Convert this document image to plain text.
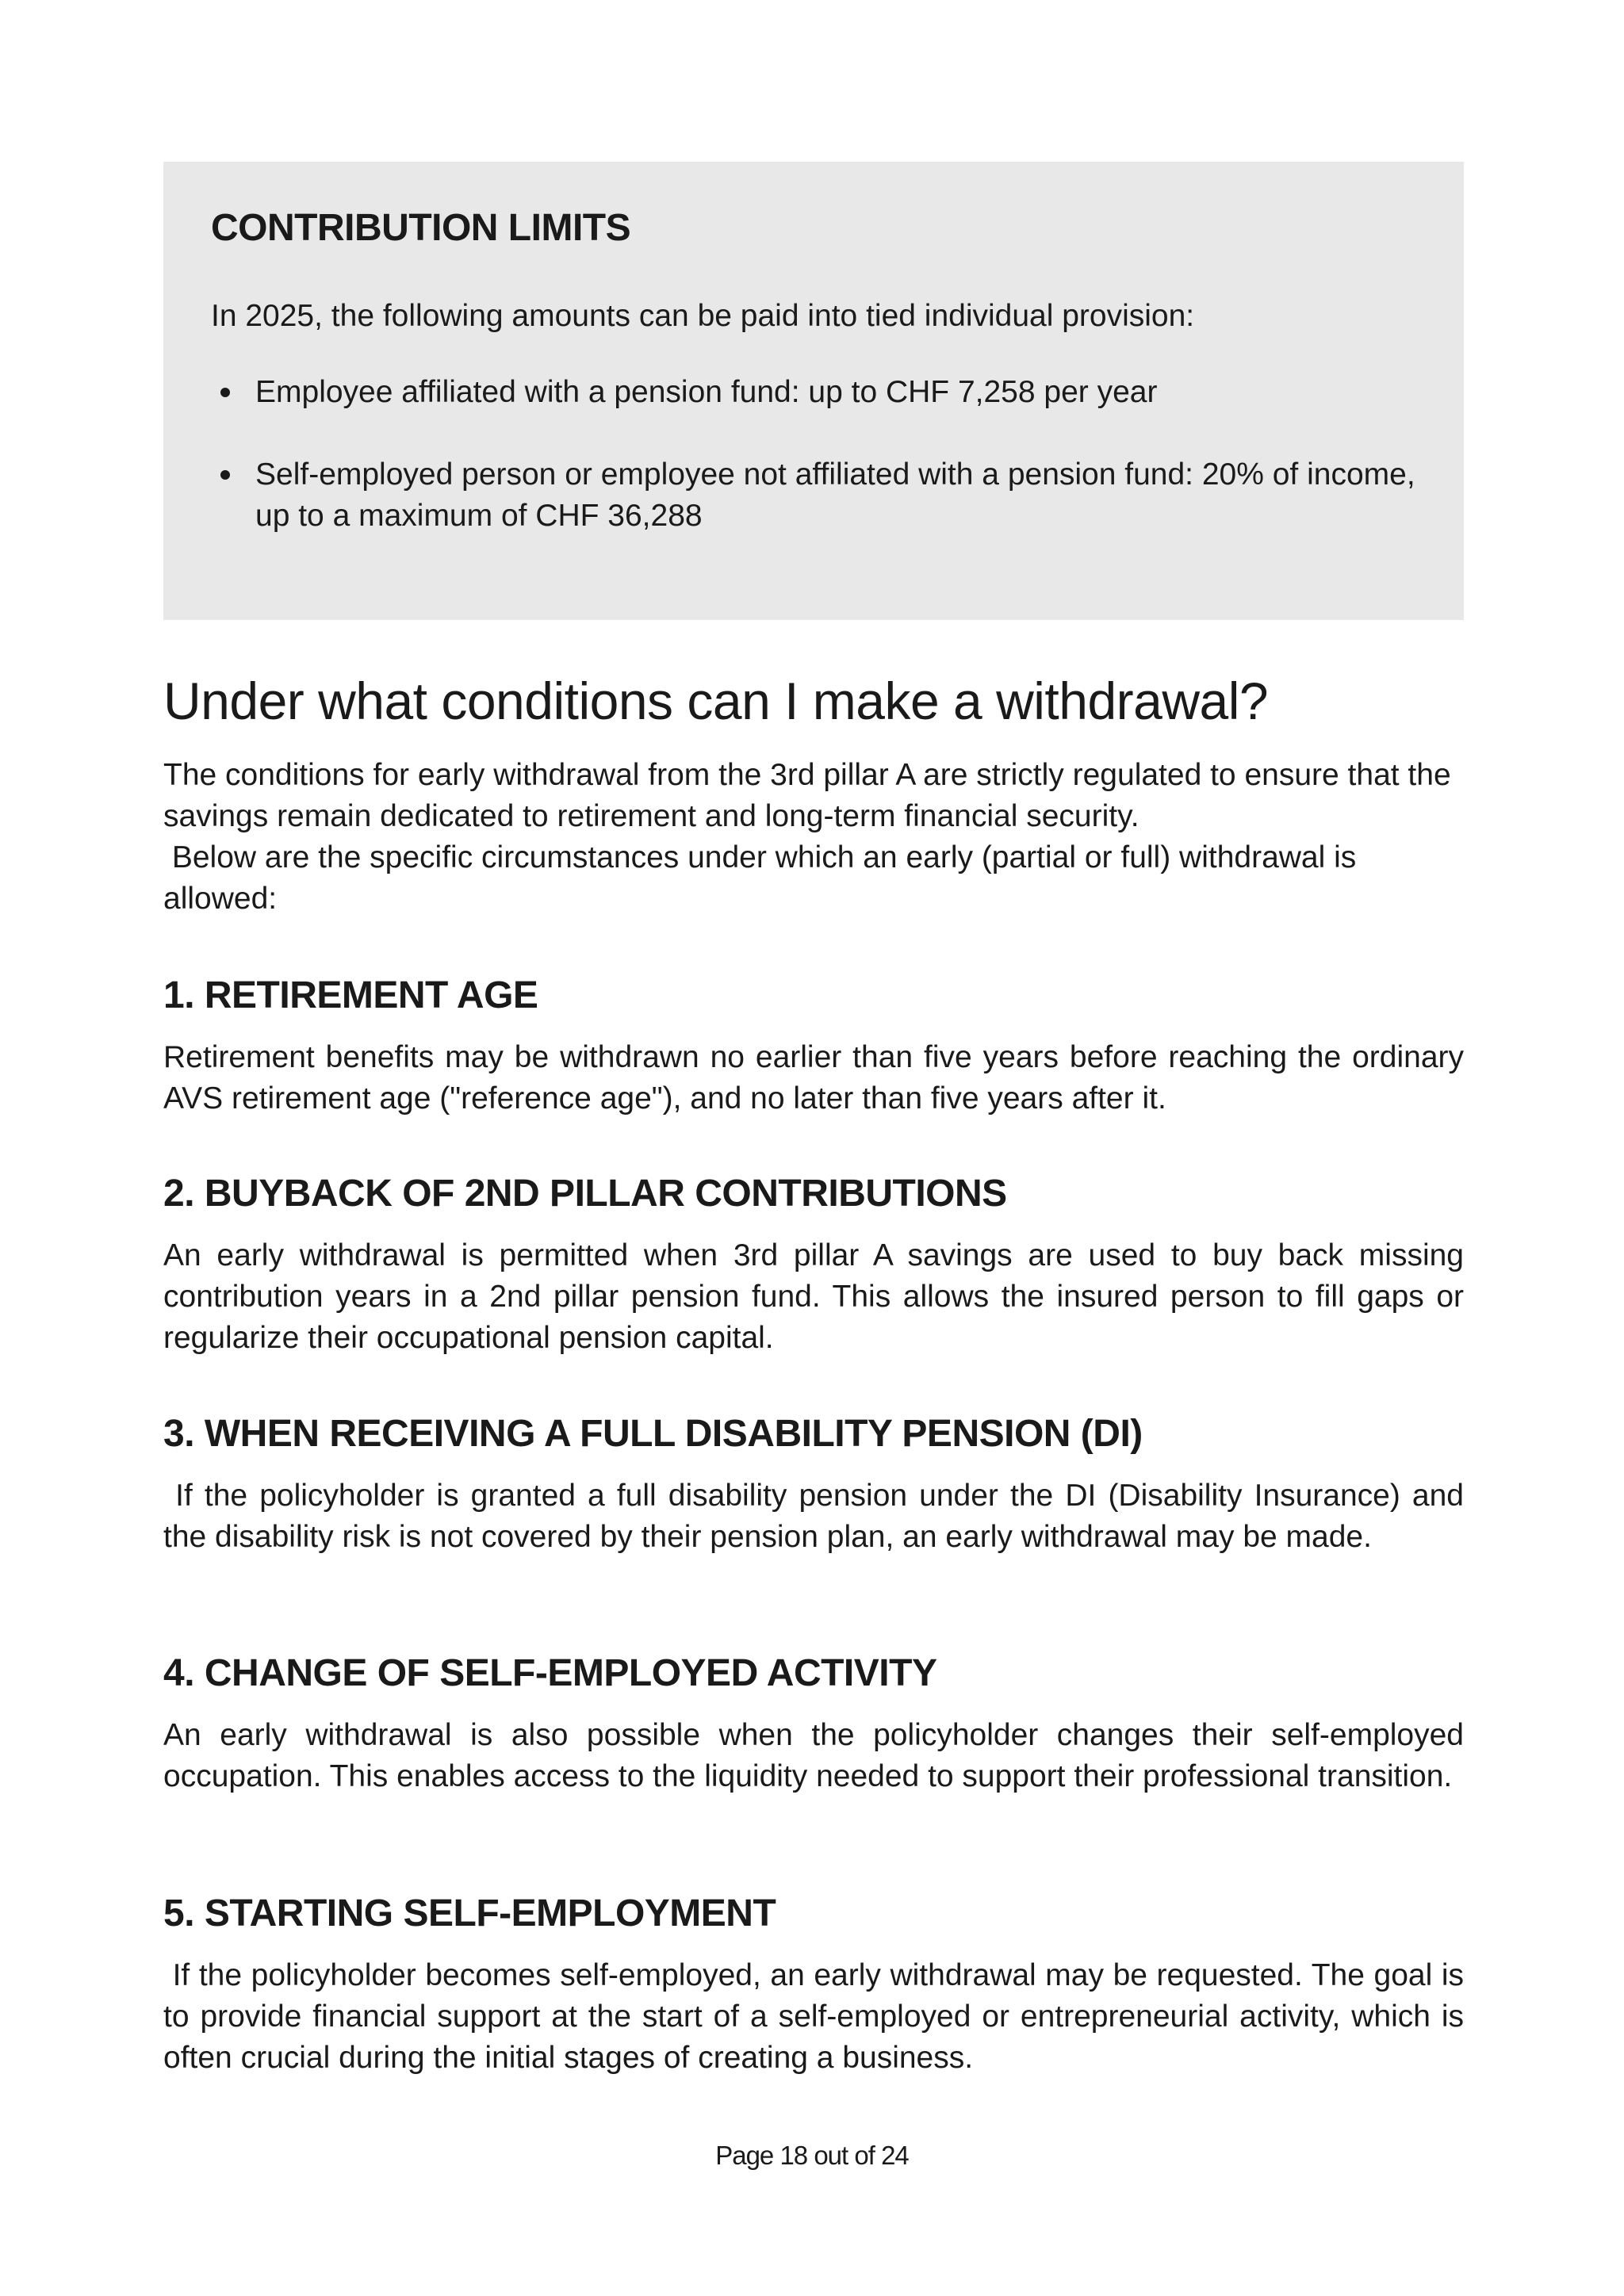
CONTRIBUTION LIMITS

In 2025, the following amounts can be paid into tied individual provision:

Employee affiliated with a pension fund: up to CHF 7,258 per year
Self-employed person or employee not affiliated with a pension fund: 20% of income, up to a maximum of CHF 36,288
Under what conditions can I make a withdrawal?

The conditions for early withdrawal from the 3rd pillar A are strictly regulated to ensure that the savings remain dedicated to retirement and long-term financial security.
Below are the specific circumstances under which an early (partial or full) withdrawal is allowed:

1. RETIREMENT AGE

Retirement benefits may be withdrawn no earlier than five years before reaching the ordinary AVS retirement age ("reference age"), and no later than five years after it.

2. BUYBACK OF 2ND PILLAR CONTRIBUTIONS

An early withdrawal is permitted when 3rd pillar A savings are used to buy back missing contribution years in a 2nd pillar pension fund. This allows the insured person to fill gaps or regularize their occupational pension capital.

3. WHEN RECEIVING A FULL DISABILITY PENSION (DI)

If the policyholder is granted a full disability pension under the DI (Disability Insurance) and the disability risk is not covered by their pension plan, an early withdrawal may be made.

4. CHANGE OF SELF-EMPLOYED ACTIVITY

An early withdrawal is also possible when the policyholder changes their self-employed occupation. This enables access to the liquidity needed to support their professional transition.

5. STARTING SELF-EMPLOYMENT

If the policyholder becomes self-employed, an early withdrawal may be requested. The goal is to provide financial support at the start of a self-employed or entrepreneurial activity, which is often crucial during the initial stages of creating a business.

Page 18 out of 24
